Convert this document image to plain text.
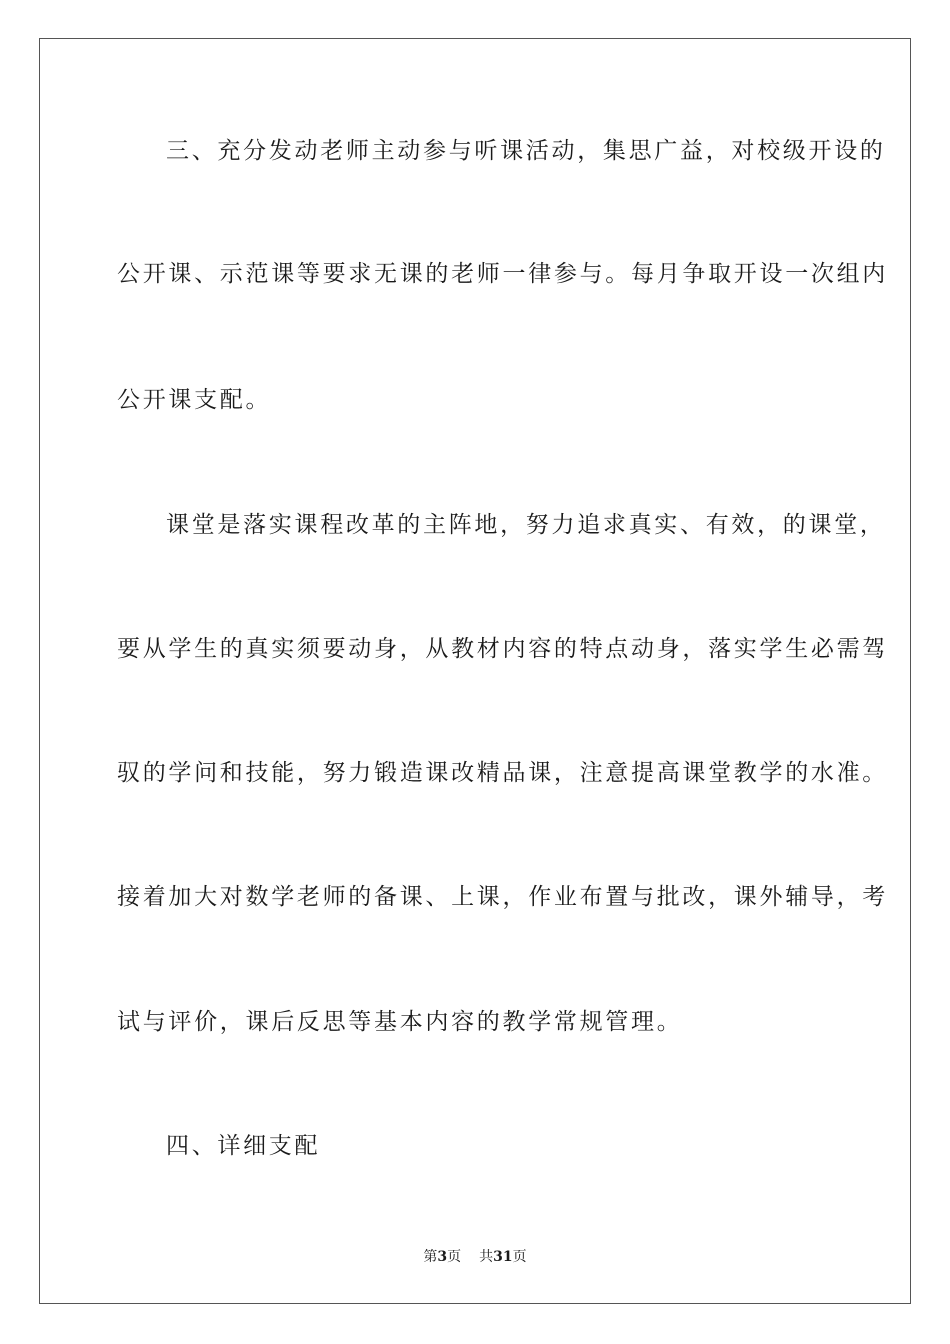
三、充分发动老师主动参与听课活动，集思广益，对校级开设的
公开课、示范课等要求无课的老师一律参与。每月争取开设一次组内
公开课支配。
课堂是落实课程改革的主阵地，努力追求真实、有效，的课堂，
要从学生的真实须要动身，从教材内容的特点动身，落实学生必需驾
驭的学问和技能，努力锻造课改精品课，注意提高课堂教学的水准。
接着加大对数学老师的备课、上课，作业布置与批改，课外辅导，考
试与评价，课后反思等基本内容的教学常规管理。
四、详细支配
第3页 共31页
